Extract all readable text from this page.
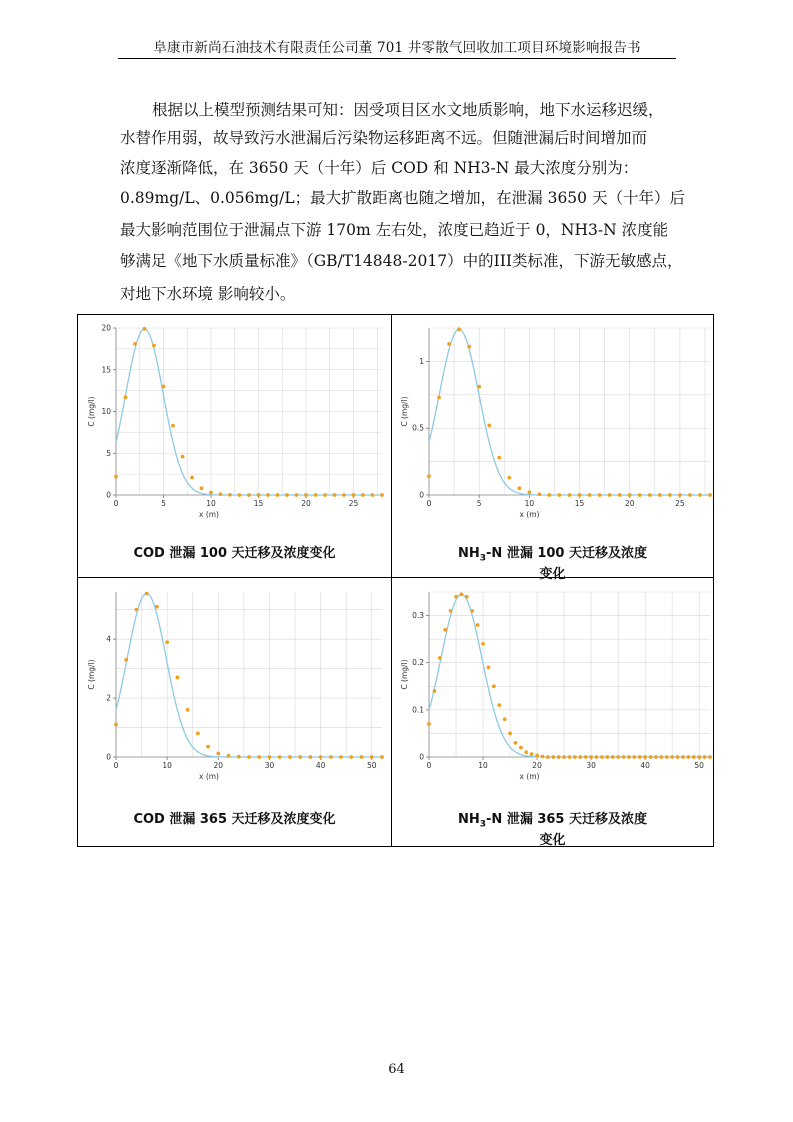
阜康市新尚石油技术有限责任公司董 701 井零散气回收加工项目环境影响报告书
根据以上模型预测结果可知：因受项目区水文地质影响，地下水运移迟缓，
水替作用弱，故导致污水泄漏后污染物运移距离不远。但随泄漏后时间增加而
浓度逐渐降低，在 3650 天（十年）后 COD 和 NH3-N 最大浓度分别为：
0.89mg/L、0.056mg/L；最大扩散距离也随之增加，在泄漏 3650 天（十年）后
最大影响范围位于泄漏点下游 170m 左右处，浓度已趋近于 0，NH3-N 浓度能
够满足《地下水质量标准》（GB/T14848-2017）中的III类标准，下游无敏感点，
对地下水环境 影响较小。
0	5	10	15	20	25
0
5
10
15
20
x (m)
C (mg/l)
0	5	10	15	20	25
0
0.5
1
x (m)
C (mg/l)
0	10	20	30	40	50
0
2
4
x (m)
C (mg/l)
0	10	20	30	40	50
0
0.1
0.2
0.3
x (m)
C (mg/l)
COD 泄漏 100 天迁移及浓度变化	$NH_3-N$ 泄漏 100 天迁移及浓度
变化
COD 泄漏 365 天迁移及浓度变化	$NH_3-N$ 泄漏 365 天迁移及浓度
变化
64
